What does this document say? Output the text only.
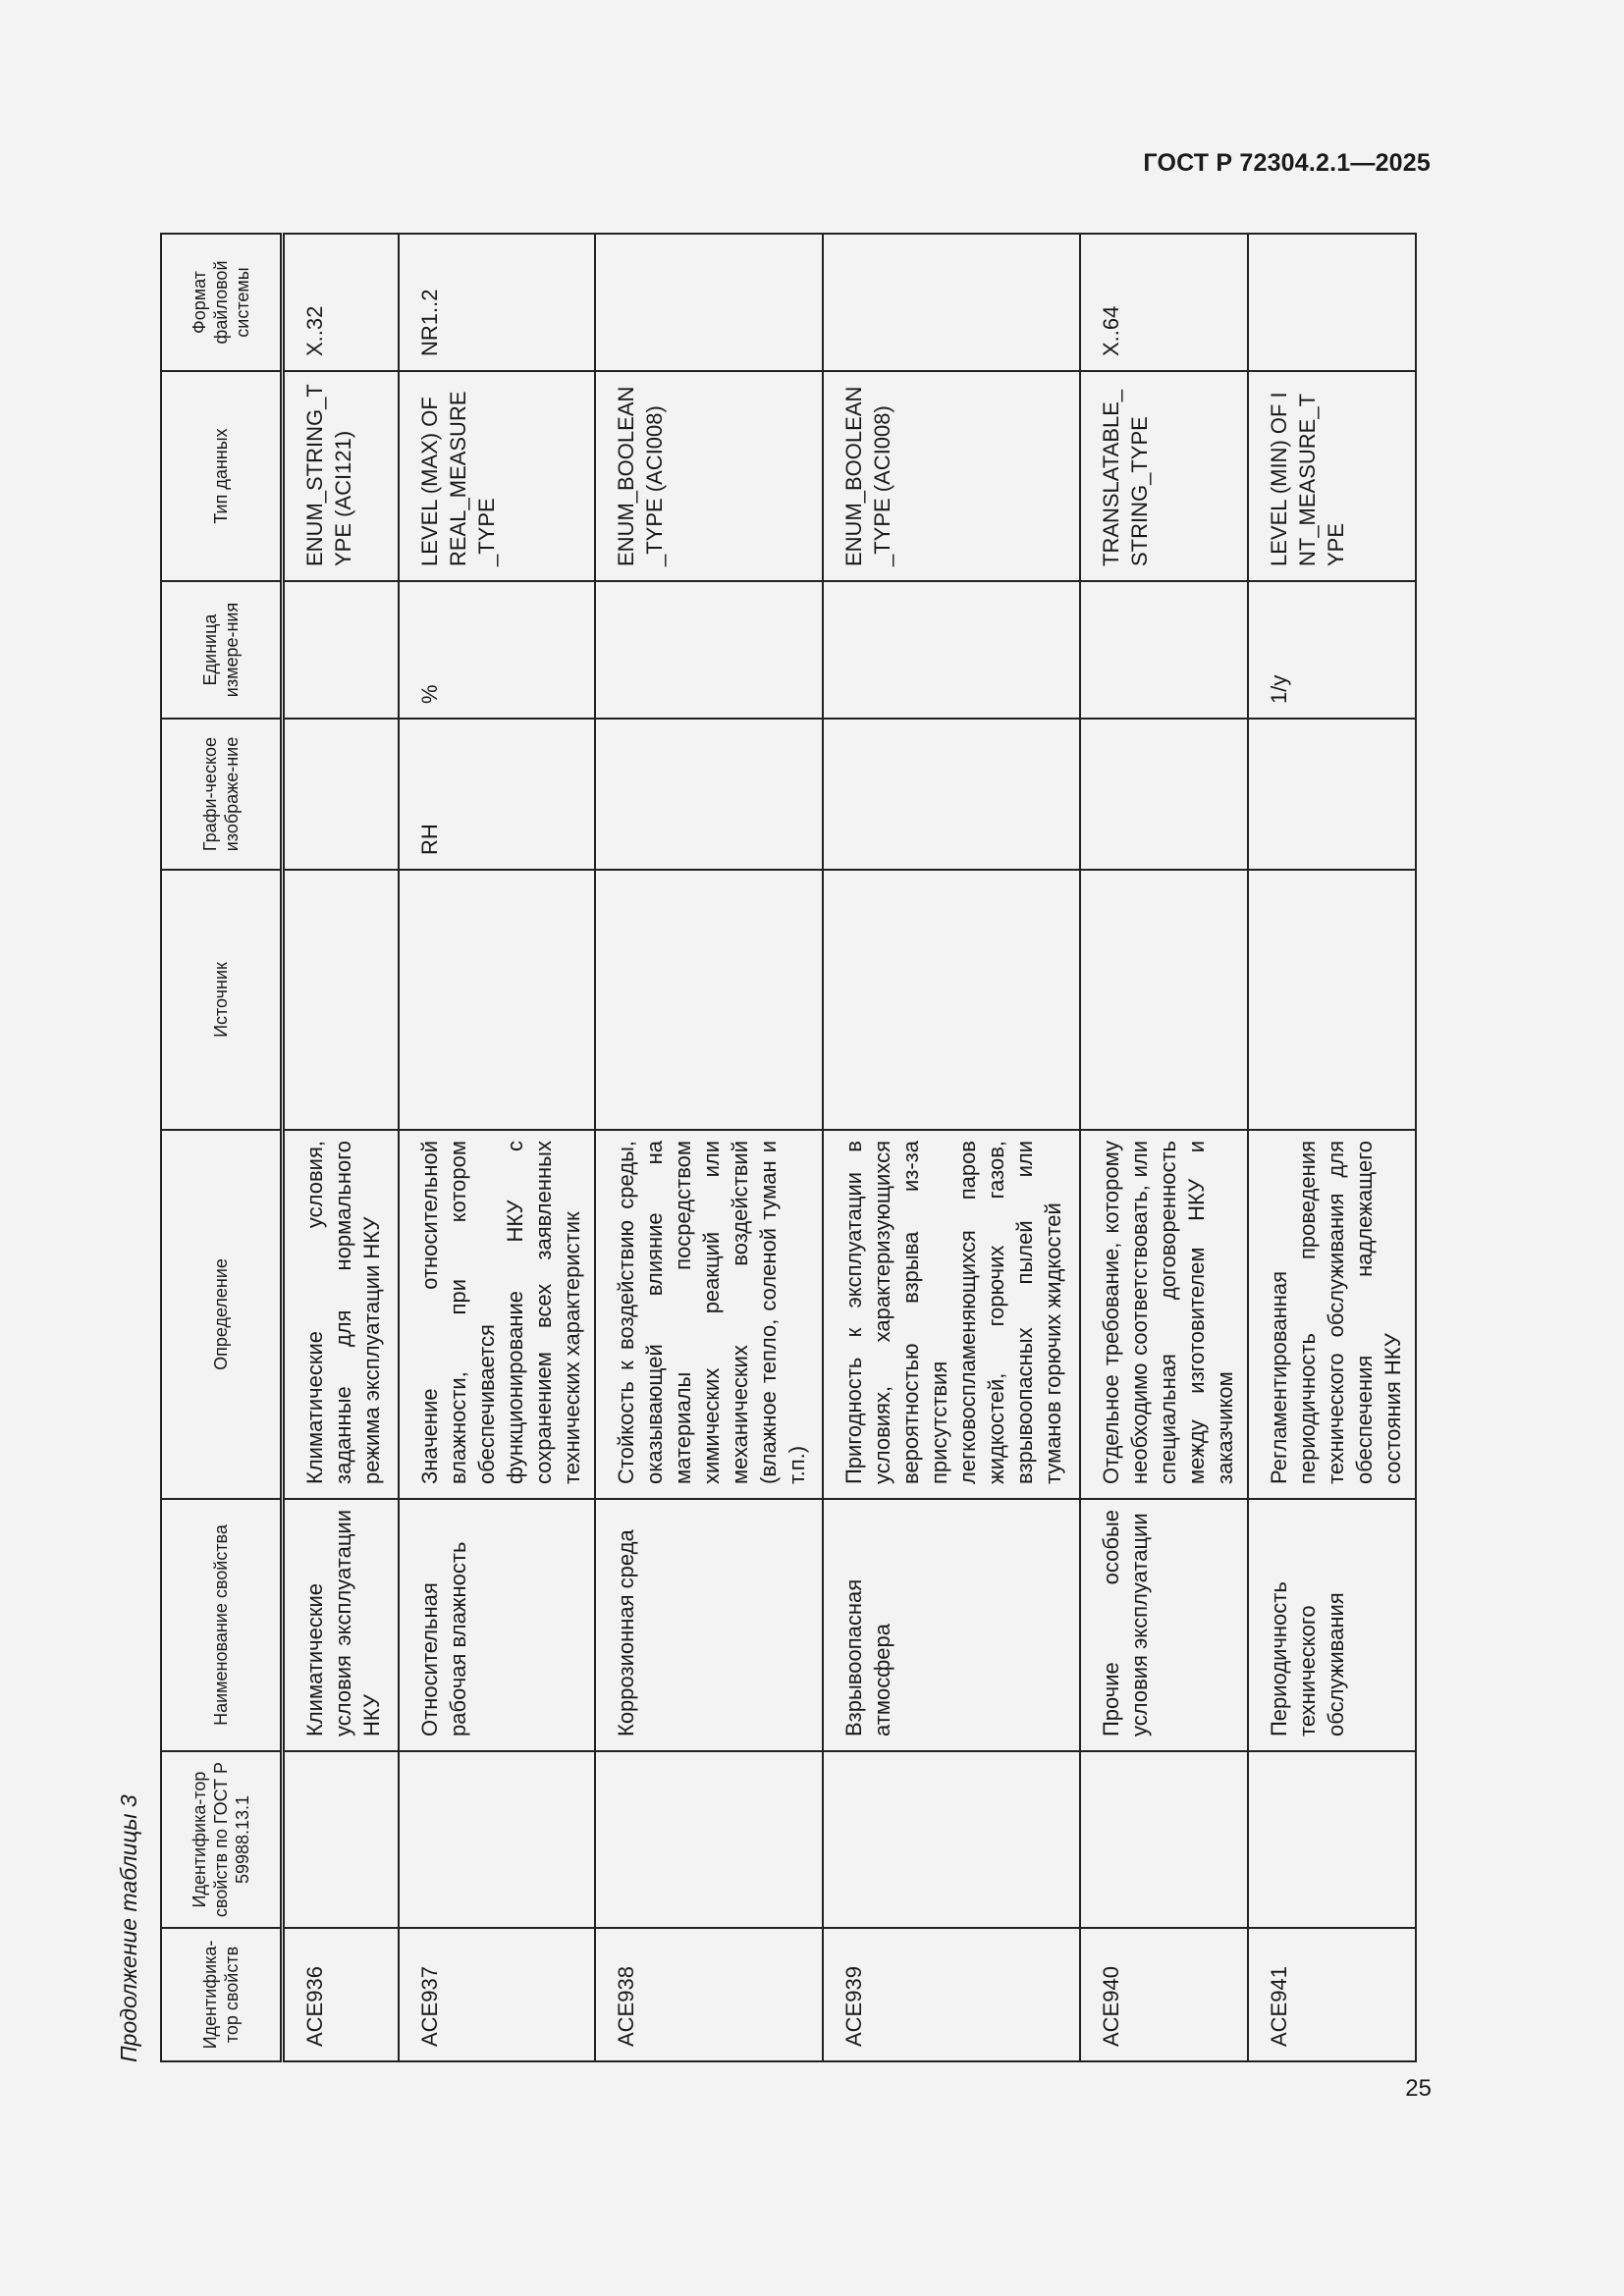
ГОСТ Р 72304.2.1—2025
Продолжение таблицы 3	Идентифика-тор свойств	Идентифика-тор свойств по ГОСТ Р 59988.13.1	Наименование свойства	Определение	Источник	Графи-ческое изображе-ние	Единица измере-ния	Тип данных	Формат файловой системы
ACE936		Климатические условия эксплуатации НКУ	Климатические условия, заданные для нормального режима эксплуатации НКУ				ENUM_STRING_TYPE (ACI121)	X..32
ACE937		Относительная рабочая влажность	Значение относительной влажности, при котором обеспечивается функционирование НКУ с сохранением всех заявленных технических характеристик		RH	%	LEVEL (MAX) OF REAL_MEASURE_TYPE	NR1..2
ACE938		Коррозионная среда	Стойкость к воздействию среды, оказывающей влияние на материалы посредством химических реакций или механических воздействий (влажное тепло, соленой туман и т.п.)				ENUM_BOOLEAN_TYPE (ACI008)	
ACE939		Взрывоопасная атмосфера	Пригодность к эксплуатации в условиях, характеризующихся вероятностью взрыва из-за присутствия легковоспламеняющихся паров жидкостей, горючих газов, взрывоопасных пылей или туманов горючих жидкостей				ENUM_BOOLEAN_TYPE (ACI008)	
ACE940		Прочие особые условия эксплуатации	Отдельное требование, которому необходимо соответствовать, или специальная договоренность между изготовителем НКУ и заказчиком				TRANSLATABLE_STRING_TYPE	X..64
ACE941		Периодичность технического обслуживания	Регламентированная периодичность проведения технического обслуживания для обеспечения надлежащего состояния НКУ			1/y	LEVEL (MIN) OF INT_MEASURE_TYPE	
25
